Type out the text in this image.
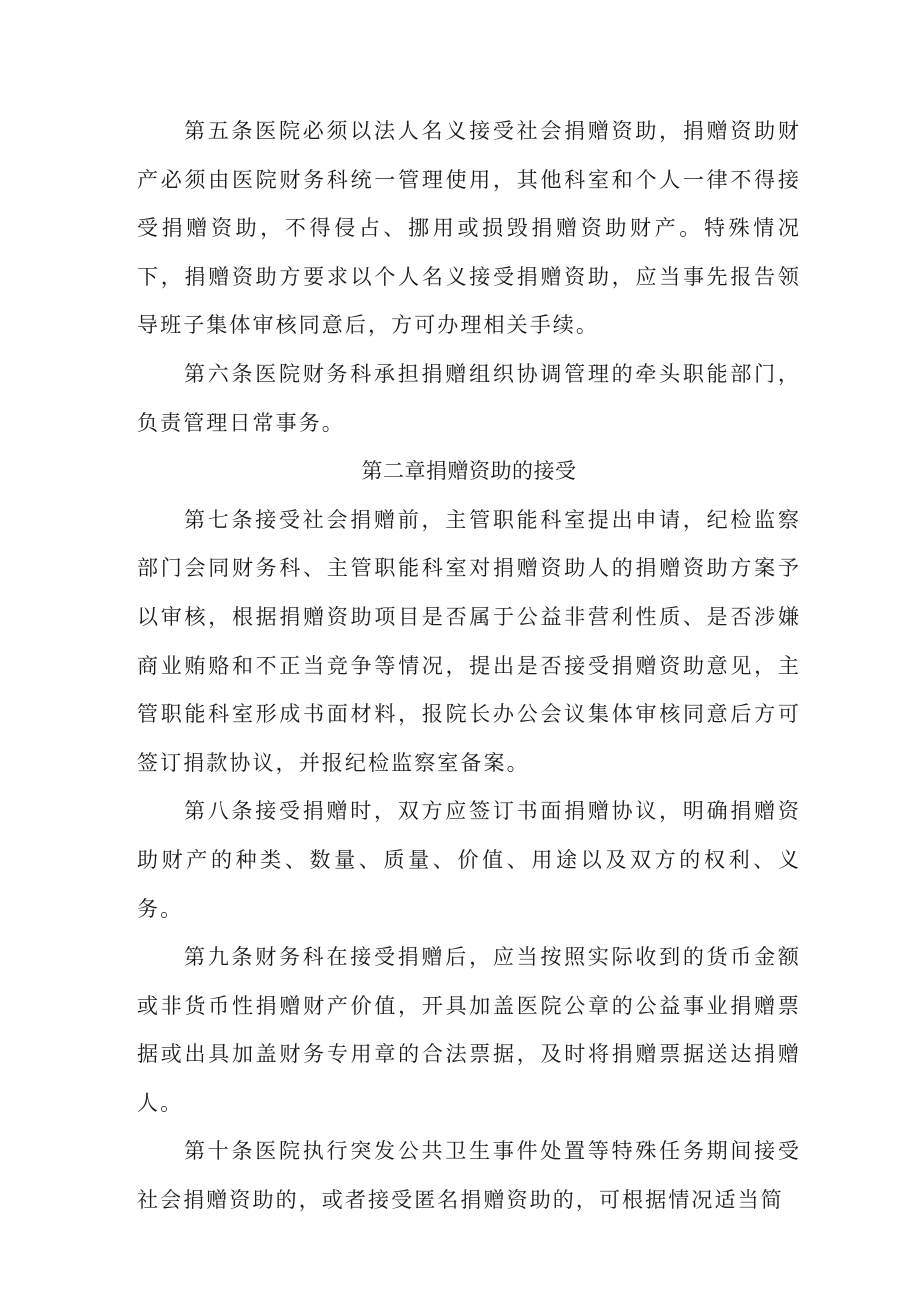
第五条医院必须以法人名义接受社会捐赠资助，捐赠资助财产必须由医院财务科统一管理使用，其他科室和个人一律不得接受捐赠资助，不得侵占、挪用或损毁捐赠资助财产。特殊情况下，捐赠资助方要求以个人名义接受捐赠资助，应当事先报告领导班子集体审核同意后，方可办理相关手续。

第六条医院财务科承担捐赠组织协调管理的牵头职能部门，负责管理日常事务。

第二章捐赠资助的接受

第七条接受社会捐赠前，主管职能科室提出申请，纪检监察部门会同财务科、主管职能科室对捐赠资助人的捐赠资助方案予以审核，根据捐赠资助项目是否属于公益非营利性质、是否涉嫌商业贿赂和不正当竞争等情况，提出是否接受捐赠资助意见，主管职能科室形成书面材料，报院长办公会议集体审核同意后方可签订捐款协议，并报纪检监察室备案。

第八条接受捐赠时，双方应签订书面捐赠协议，明确捐赠资助财产的种类、数量、质量、价值、用途以及双方的权利、义务。

第九条财务科在接受捐赠后，应当按照实际收到的货币金额或非货币性捐赠财产价值，开具加盖医院公章的公益事业捐赠票据或出具加盖财务专用章的合法票据，及时将捐赠票据送达捐赠人。

第十条医院执行突发公共卫生事件处置等特殊任务期间接受社会捐赠资助的，或者接受匿名捐赠资助的，可根据情况适当简
